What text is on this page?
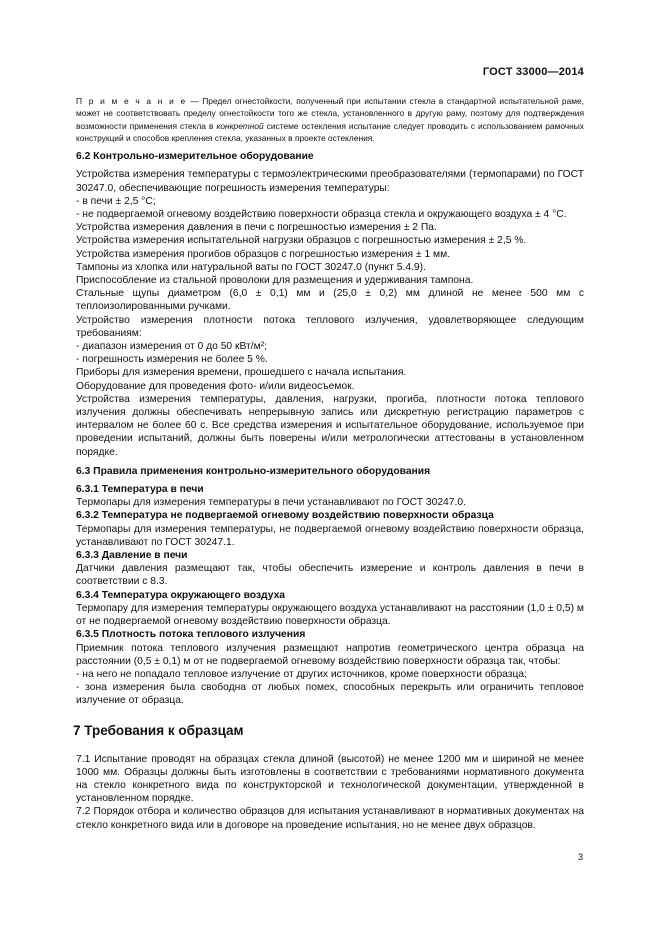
ГОСТ 33000—2014

П р и м е ч а н и е — Предел огнестойкости, полученный при испытании стекла в стандартной испытательной раме, может не соответствовать пределу огнестойкости того же стекла, установленного в другую раму, поэтому для подтверждения возможности применения стекла в конкретной системе остекления испытание следует проводить с использованием рамочных конструкций и способов крепления стекла, указанных в проекте остекления.

6.2 Контрольно-измерительное оборудование

Устройства измерения температуры с термоэлектрическими преобразователями (термопарами) по ГОСТ 30247.0, обеспечивающие погрешность измерения температуры:

- в печи ± 2,5 °С;

- не подвергаемой огневому воздействию поверхности образца стекла и окружающего воздуха ± 4 °С.

Устройства измерения давления в печи с погрешностью измерения ± 2 Па.

Устройства измерения испытательной нагрузки образцов с погрешностью измерения ± 2,5 %.

Устройства измерения прогибов образцов с погрешностью измерения ± 1 мм.

Тампоны из хлопка или натуральной ваты по ГОСТ 30247.0 (пункт 5.4.9).

Приспособление из стальной проволоки для размещения и удерживания тампона.

Стальные щупы диаметром (6,0 ± 0,1) мм и (25,0 ± 0,2) мм длиной не менее 500 мм с теплоизолированными ручками.

Устройство измерения плотности потока теплового излучения, удовлетворяющее следующим требованиям:

- диапазон измерения от 0 до 50 кВт/м²;

- погрешность измерения не более 5 %.

Приборы для измерения времени, прошедшего с начала испытания.

Оборудование для проведения фото- и/или видеосъемок.

Устройства измерения температуры, давления, нагрузки, прогиба, плотности потока теплового излучения должны обеспечивать непрерывную запись или дискретную регистрацию параметров с интервалом не более 60 с. Все средства измерения и испытательное оборудование, используемое при проведении испытаний, должны быть поверены и/или метрологически аттестованы в установленном порядке.

6.3 Правила применения контрольно-измерительного оборудования
6.3.1 Температура в печи

Термопары для измерения температуры в печи устанавливают по ГОСТ 30247.0.

6.3.2 Температура не подвергаемой огневому воздействию поверхности образца

Термопары для измерения температуры, не подвергаемой огневому воздействию поверхности образца, устанавливают по ГОСТ 30247.1.

6.3.3 Давление в печи

Датчики давления размещают так, чтобы обеспечить измерение и контроль давления в печи в соответствии с 8.3.

6.3.4 Температура окружающего воздуха

Термопару для измерения температуры окружающего воздуха устанавливают на расстоянии (1,0 ± 0,5) м от не подвергаемой огневому воздействию поверхности образца.

6.3.5 Плотность потока теплового излучения

Приемник потока теплового излучения размещают напротив геометрического центра образца на расстоянии (0,5 ± 0,1) м от не подвергаемой огневому воздействию поверхности образца так, чтобы:

- на него не попадало тепловое излучение от других источников, кроме поверхности образца;

- зона измерения была свободна от любых помех, способных перекрыть или ограничить тепловое излучение от образца.

7 Требования к образцам

7.1 Испытание проводят на образцах стекла длиной (высотой) не менее 1200 мм и шириной не менее 1000 мм. Образцы должны быть изготовлены в соответствии с требованиями нормативного документа на стекло конкретного вида по конструкторской и технологической документации, утвержденной в установленном порядке.

7.2 Порядок отбора и количество образцов для испытания устанавливают в нормативных документах на стекло конкретного вида или в договоре на проведение испытания, но не менее двух образцов.

3
